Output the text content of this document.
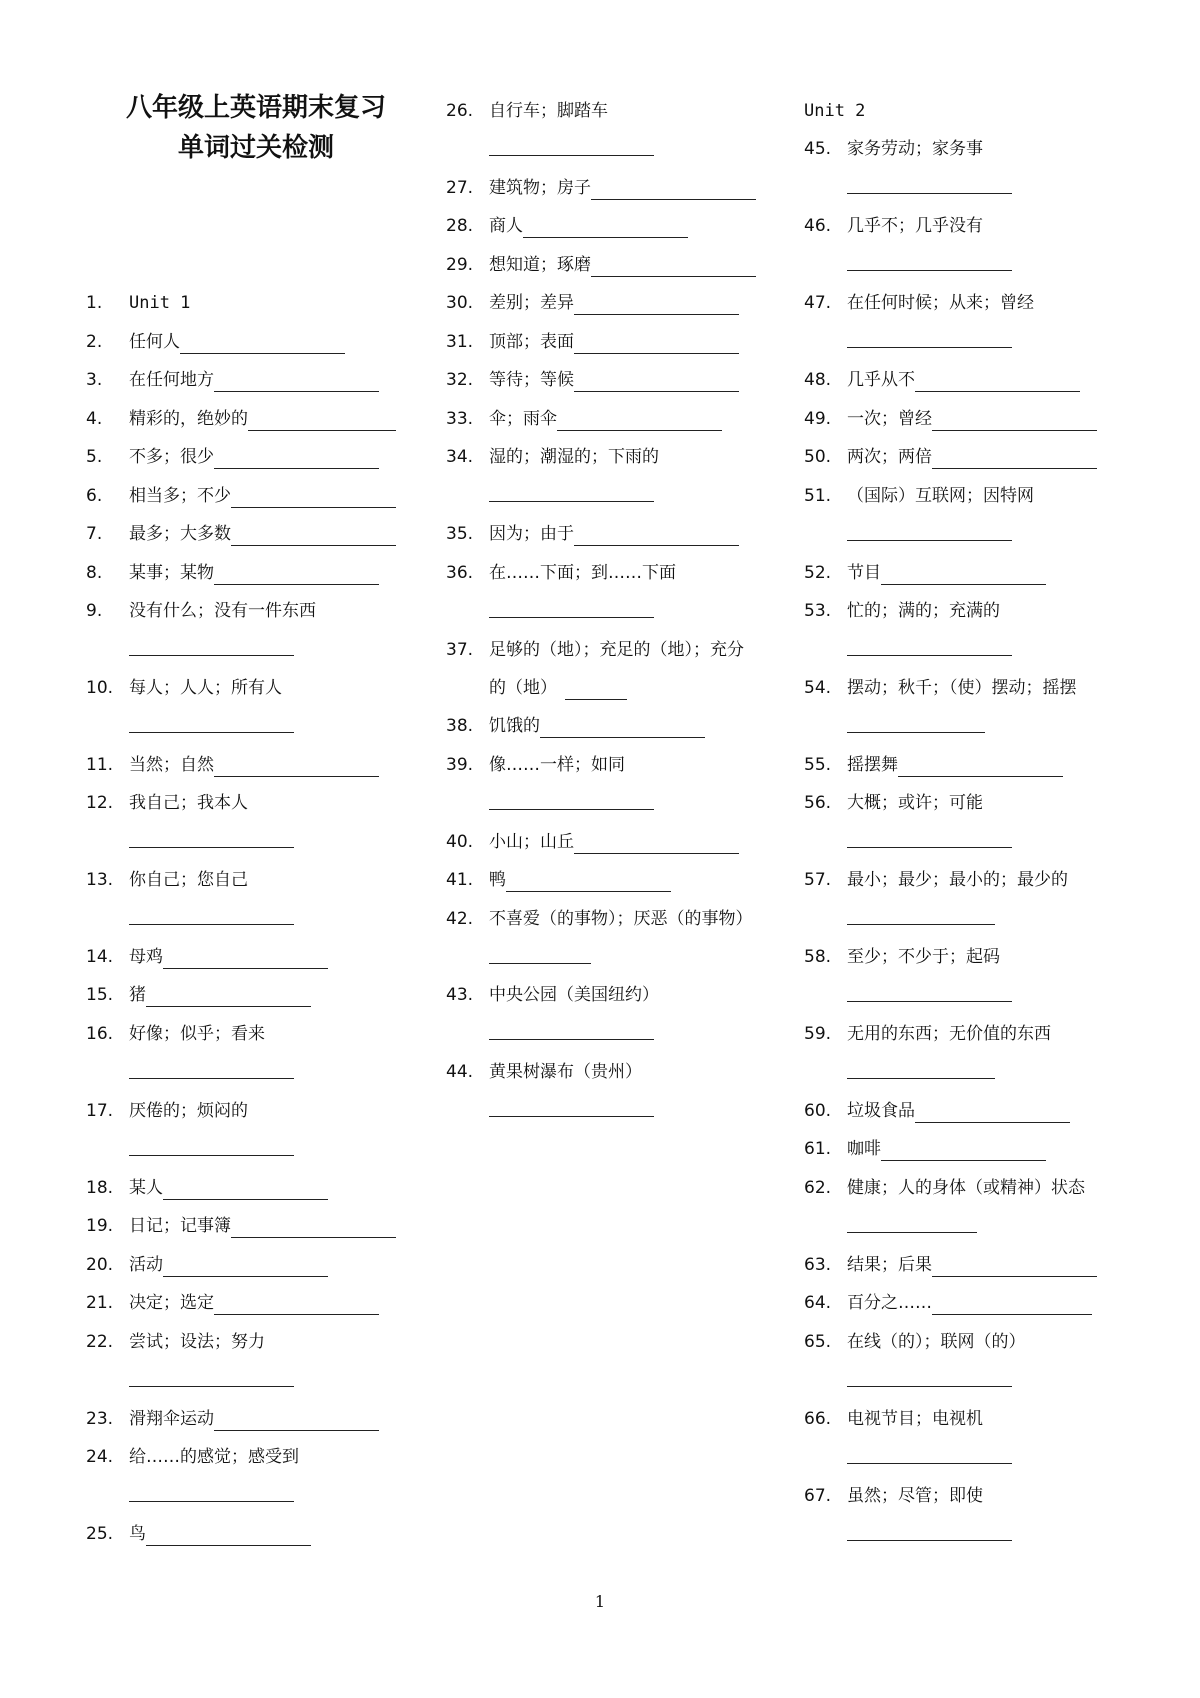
八年级上英语期末复习
单词过关检测
1.	Unit 1
2.	任何人
3.	在任何地方
4.	精彩的，绝妙的
5.	不多；很少
6.	相当多；不少
7.	最多；大多数
8.	某事；某物
9.	没有什么；没有一件东西
10. 每人；人人；所有人
11. 当然；自然
12. 我自己；我本人
13. 你自己；您自己
14. 母鸡
15. 猪
16. 好像；似乎；看来
17. 厌倦的；烦闷的
18. 某人
19. 日记；记事簿
20. 活动
21. 决定；选定
22. 尝试；设法；努力
23. 滑翔伞运动
24. 给……的感觉；感受到
25. 鸟
26. 自行车；脚踏车
27. 建筑物；房子
28. 商人
29. 想知道；琢磨
30. 差别；差异
31. 顶部；表面
32. 等待；等候
33. 伞；雨伞
34. 湿的；潮湿的；下雨的
35. 因为；由于
36. 在……下面；到……下面
37. 足够的（地）；充足的（地）；充分
的（地）
38. 饥饿的
39. 像……一样；如同
40. 小山；山丘
41. 鸭
42. 不喜爱（的事物）；厌恶（的事物）
43. 中央公园（美国纽约）
44. 黄果树瀑布（贵州）
Unit 2
45. 家务劳动；家务事
46. 几乎不；几乎没有
47. 在任何时候；从来；曾经
48. 几乎从不
49. 一次；曾经
50. 两次；两倍
51. （国际）互联网；因特网
52. 节目
53. 忙的；满的；充满的
54. 摆动；秋千；（使）摆动；摇摆
55. 摇摆舞
56. 大概；或许；可能
57. 最小；最少；最小的；最少的
58. 至少；不少于；起码
59. 无用的东西；无价值的东西
60. 垃圾食品
61. 咖啡
62. 健康；人的身体（或精神）状态
63. 结果；后果
64. 百分之……
65. 在线（的）；联网（的）
66. 电视节目；电视机
67. 虽然；尽管；即使
1
